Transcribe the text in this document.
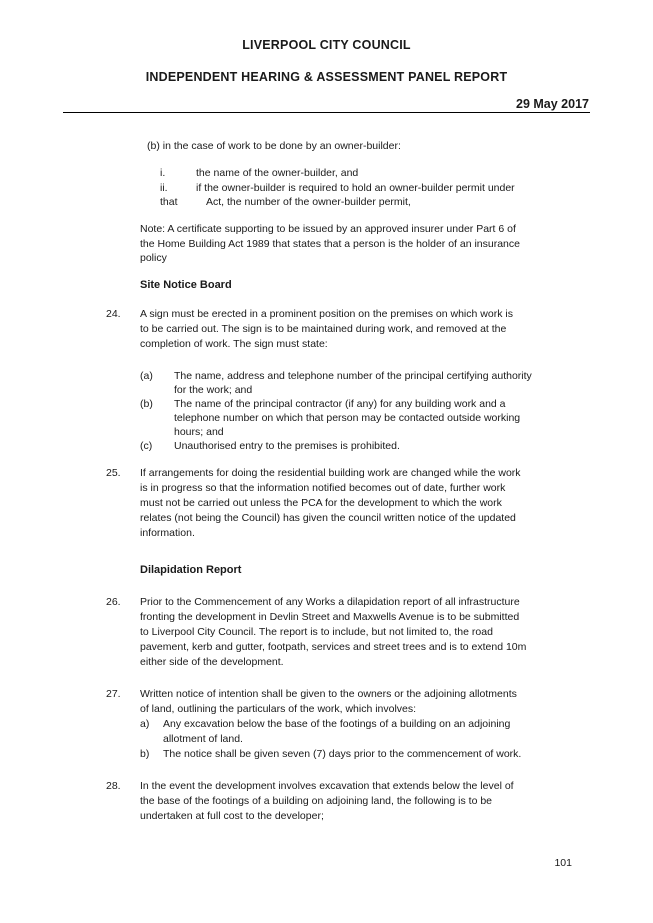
LIVERPOOL CITY COUNCIL
INDEPENDENT HEARING & ASSESSMENT PANEL REPORT
29 May 2017
(b) in the case of work to be done by an owner-builder:
i.	the name of the owner-builder, and
ii.	if the owner-builder is required to hold an owner-builder permit under
that	Act, the number of the owner-builder permit,
Note: A certificate supporting to be issued by an approved insurer under Part 6 of
the Home Building Act 1989 that states that a person is the holder of an insurance
policy
Site Notice Board
24. A sign must be erected in a prominent position on the premises on which work is
to be carried out. The sign is to be maintained during work, and removed at the
completion of work. The sign must state:
(a) The name, address and telephone number of the principal certifying authority
for the work; and
(b) The name of the principal contractor (if any) for any building work and a
telephone number on which that person may be contacted outside working
hours; and
(c) Unauthorised entry to the premises is prohibited.
25. If arrangements for doing the residential building work are changed while the work
is in progress so that the information notified becomes out of date, further work
must not be carried out unless the PCA for the development to which the work
relates (not being the Council) has given the council written notice of the updated
information.
Dilapidation Report
26. Prior to the Commencement of any Works a dilapidation report of all infrastructure
fronting the development in Devlin Street and Maxwells Avenue is to be submitted
to Liverpool City Council. The report is to include, but not limited to, the road
pavement, kerb and gutter, footpath, services and street trees and is to extend 10m
either side of the development.
27. Written notice of intention shall be given to the owners or the adjoining allotments
of land, outlining the particulars of the work, which involves:
a) Any excavation below the base of the footings of a building on an adjoining
allotment of land.
b) The notice shall be given seven (7) days prior to the commencement of work.
28. In the event the development involves excavation that extends below the level of
the base of the footings of a building on adjoining land, the following is to be
undertaken at full cost to the developer;
101
